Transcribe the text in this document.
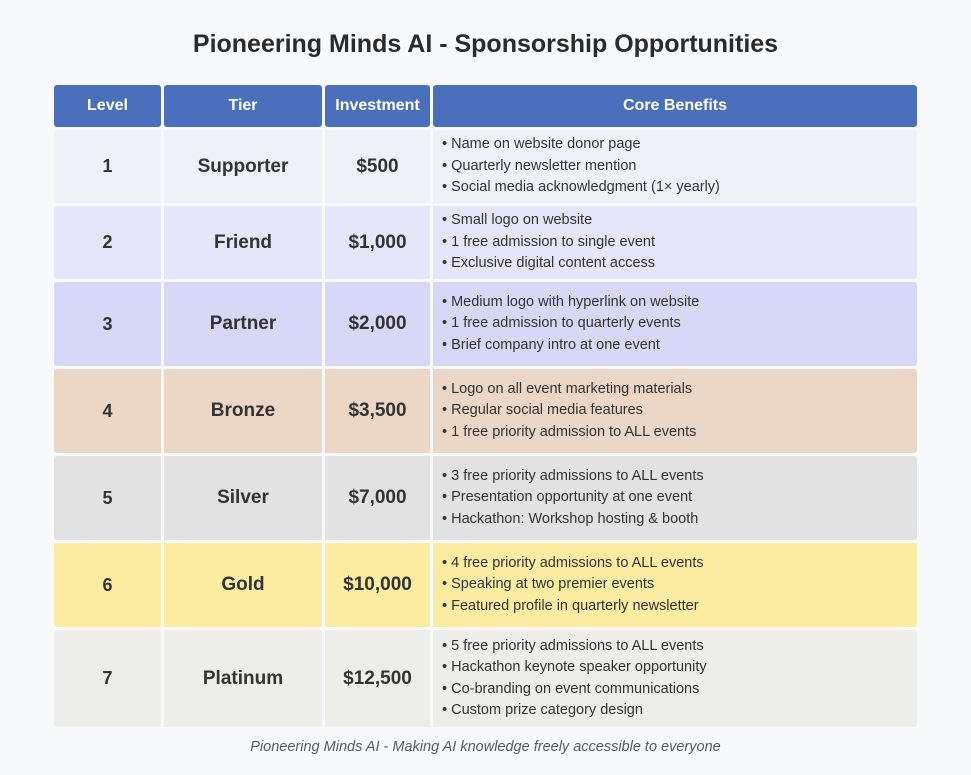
Pioneering Minds AI - Sponsorship Opportunities
Level	Tier	Investment	Core Benefits
1	Supporter	$500
• Name on website donor page
• Quarterly newsletter mention
• Social media acknowledgment (1× yearly)
2	Friend	$1,000
• Small logo on website
• 1 free admission to single event
• Exclusive digital content access
3	Partner	$2,000
• Medium logo with hyperlink on website
• 1 free admission to quarterly events
• Brief company intro at one event
4	Bronze	$3,500
• Logo on all event marketing materials
• Regular social media features
• 1 free priority admission to ALL events
5	Silver	$7,000
• 3 free priority admissions to ALL events
• Presentation opportunity at one event
• Hackathon: Workshop hosting & booth
6	Gold	$10,000
• 4 free priority admissions to ALL events
• Speaking at two premier events
• Featured profile in quarterly newsletter
7	Platinum	$12,500
• 5 free priority admissions to ALL events
• Hackathon keynote speaker opportunity
• Co-branding on event communications
• Custom prize category design
Pioneering Minds AI - Making AI knowledge freely accessible to everyone
